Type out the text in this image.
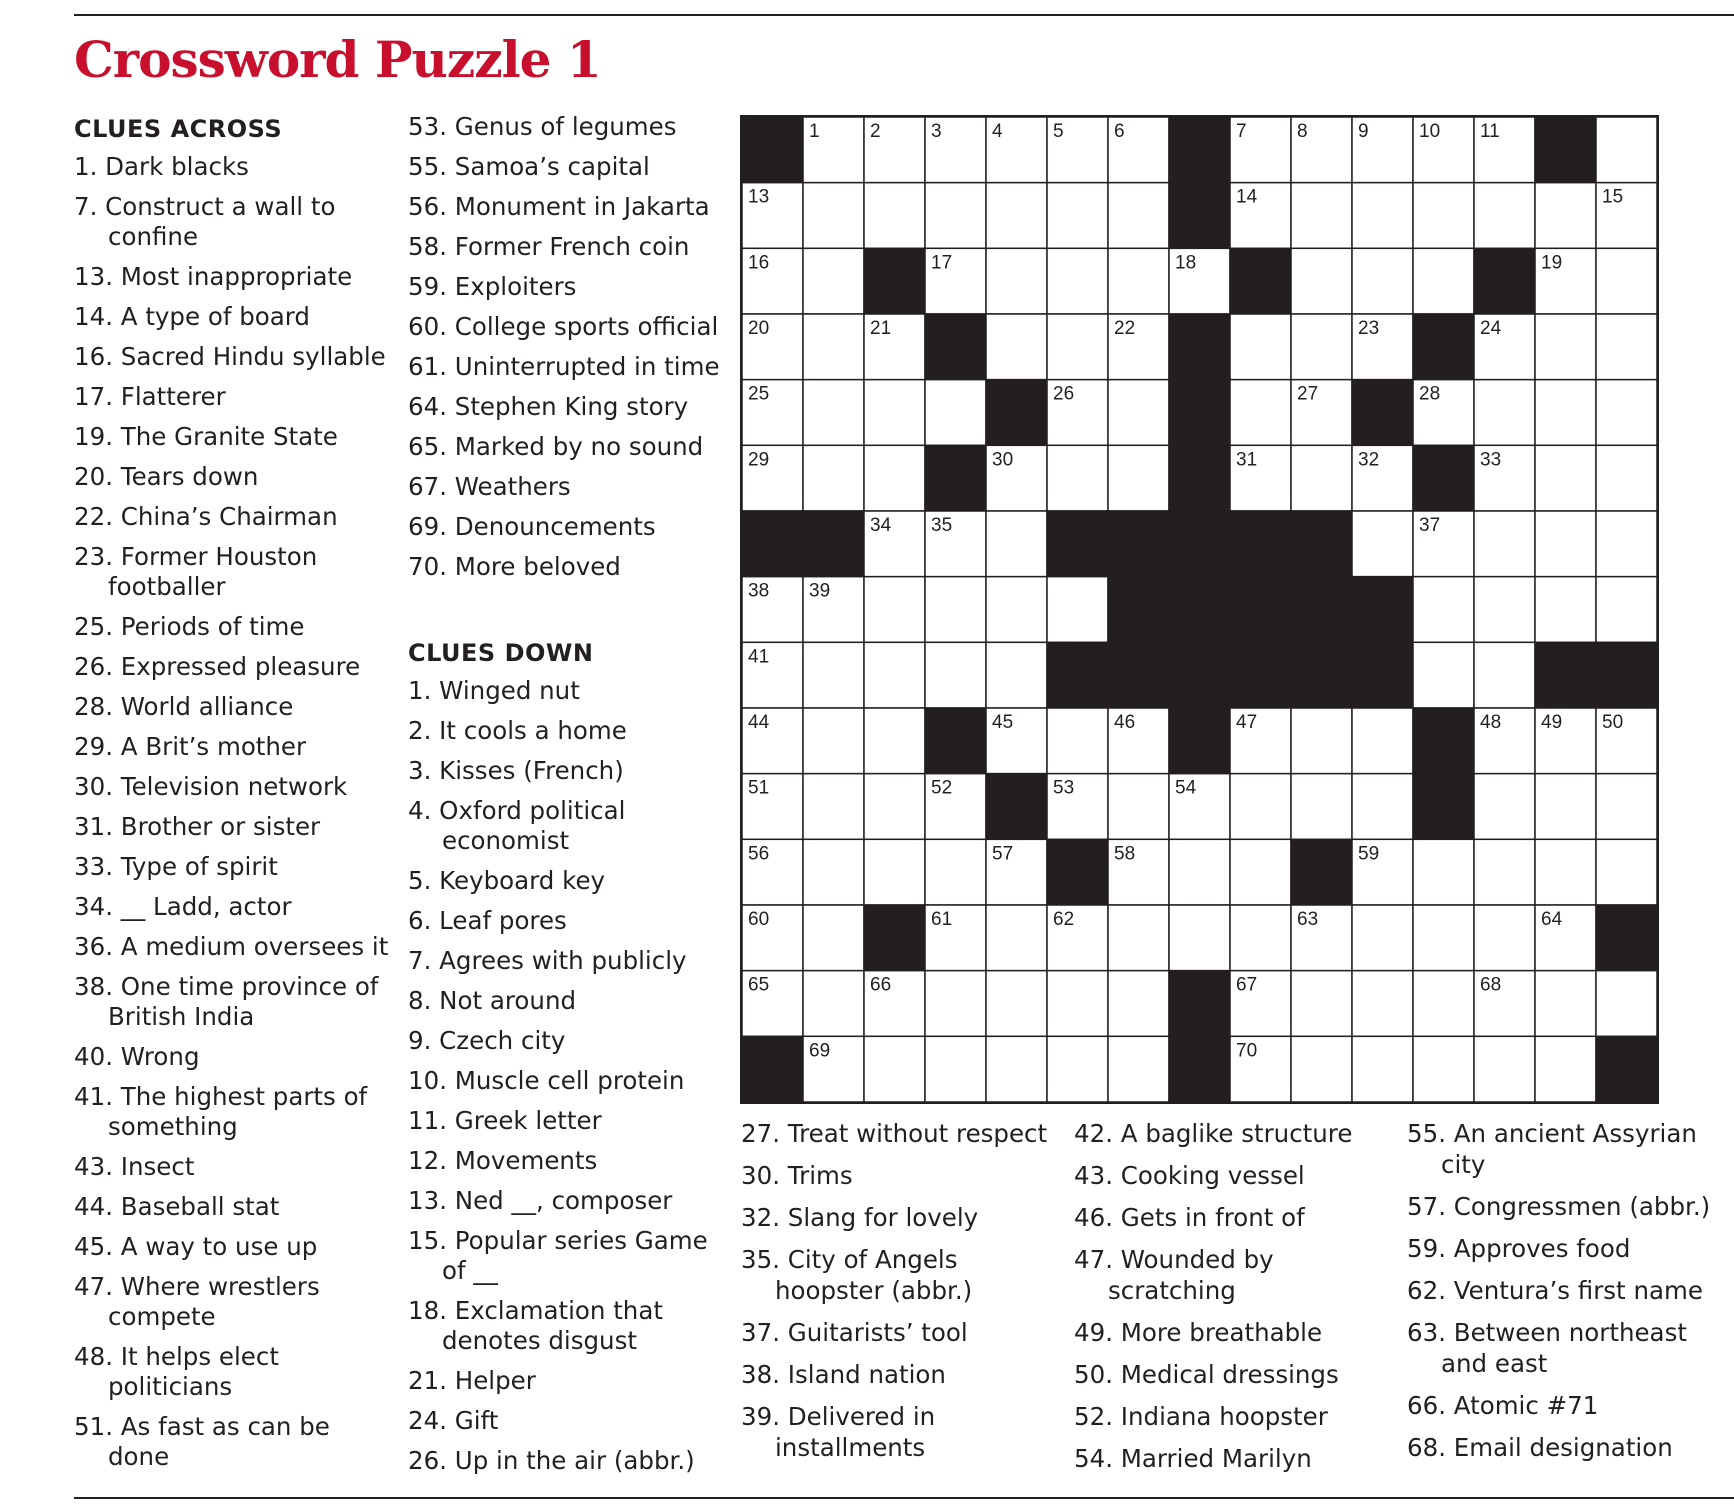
Crossword Puzzle 1
CLUES ACROSS
1 . Dark blacks
7 . Construct a wall to confine
13 . Most inappropriate
14 . A type of board
16 . Sacred Hindu syllable
17 . Flatterer
19 . The Granite State
20 . Tears down
22 . China’s Chairman
23 . Former Houston footballer
25 . Periods of time
26 . Expressed pleasure
28 . World alliance
29 . A Brit’s mother
30 . Television network
31 . Brother or sister
33 . Type of spirit
34 . __ Ladd, actor
36 . A medium oversees it
38 . One time province of British India
40 . Wrong
41 . The highest parts of something
43 . Insect
44 . Baseball stat
45 . A way to use up
47 . Where wrestlers compete
48 . It helps elect politicians
51 . As fast as can be done
53 . Genus of legumes
55 . Samoa’s capital
56 . Monument in Jakarta
58 . Former French coin
59 . Exploiters
60 . College sports official
61 . Uninterrupted in time
64 . Stephen King story
65 . Marked by no sound
67 . Weathers
69 . Denouncements
70 . More beloved
CLUES DOWN
1 . Winged nut
2 . It cools a home
3 . Kisses (French)
4 . Oxford political economist
5 . Keyboard key
6 . Leaf pores
7 . Agrees with publicly
8 . Not around
9 . Czech city
10 . Muscle cell protein
11 . Greek letter
12 . Movements
13 . Ned __, composer
15 . Popular series Game of __
18 . Exclamation that denotes disgust
21 . Helper
24 . Gift
26 . Up in the air (abbr.)
1	2	3	4	5	6	7	8	9	10 11 12
13	14	15
16	17	18	19
20	21	22	23	24
25	26	27	28
29	30	31	32	33
34 35	36	37
38 39	40
41	42	43
44	45	46	47	48 49 50
51	52	53	54	55
56	57	58	59
60	61	62	63	64
65	66	67	68
69	70
27 . Treat without respect
30 . Trims
32 . Slang for lovely
35 . City of Angels hoopster (abbr.)
37 . Guitarists’ tool
38 . Island nation
39 . Delivered in installments
42 . A baglike structure
43 . Cooking vessel
46 . Gets in front of
47 . Wounded by scratching
49 . More breathable
50 . Medical dressings
52 . Indiana hoopster
54 . Married Marilyn
55 . An ancient Assyrian city
57 . Congressmen (abbr.)
59 . Approves food
62 . Ventura’s first name
63 . Between northeast and east
66 . Atomic #71
68 . Email designation
